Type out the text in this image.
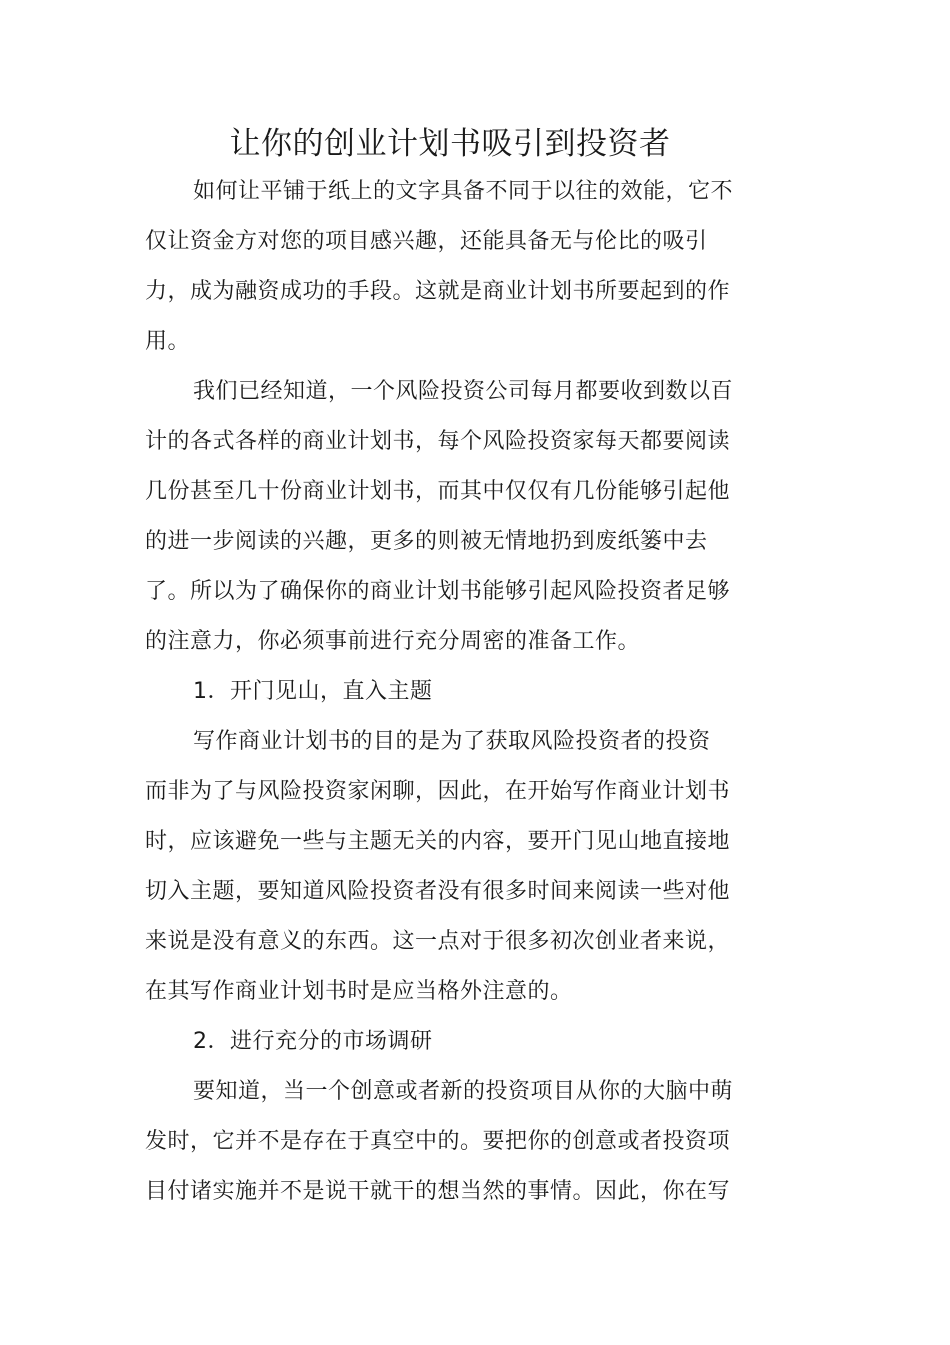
让你的创业计划书吸引到投资者
如何让平铺于纸上的文字具备不同于以往的效能，它不
仅让资金方对您的项目感兴趣，还能具备无与伦比的吸引
力，成为融资成功的手段。这就是商业计划书所要起到的作
用。
我们已经知道，一个风险投资公司每月都要收到数以百
计的各式各样的商业计划书，每个风险投资家每天都要阅读
几份甚至几十份商业计划书，而其中仅仅有几份能够引起他
的进一步阅读的兴趣，更多的则被无情地扔到废纸篓中去
了。所以为了确保你的商业计划书能够引起风险投资者足够
的注意力，你必须事前进行充分周密的准备工作。
1．开门见山，直入主题
写作商业计划书的目的是为了获取风险投资者的投资
而非为了与风险投资家闲聊，因此，在开始写作商业计划书
时，应该避免一些与主题无关的内容，要开门见山地直接地
切入主题，要知道风险投资者没有很多时间来阅读一些对他
来说是没有意义的东西。这一点对于很多初次创业者来说，
在其写作商业计划书时是应当格外注意的。
2．进行充分的市场调研
要知道，当一个创意或者新的投资项目从你的大脑中萌
发时，它并不是存在于真空中的。要把你的创意或者投资项
目付诸实施并不是说干就干的想当然的事情。因此，你在写
